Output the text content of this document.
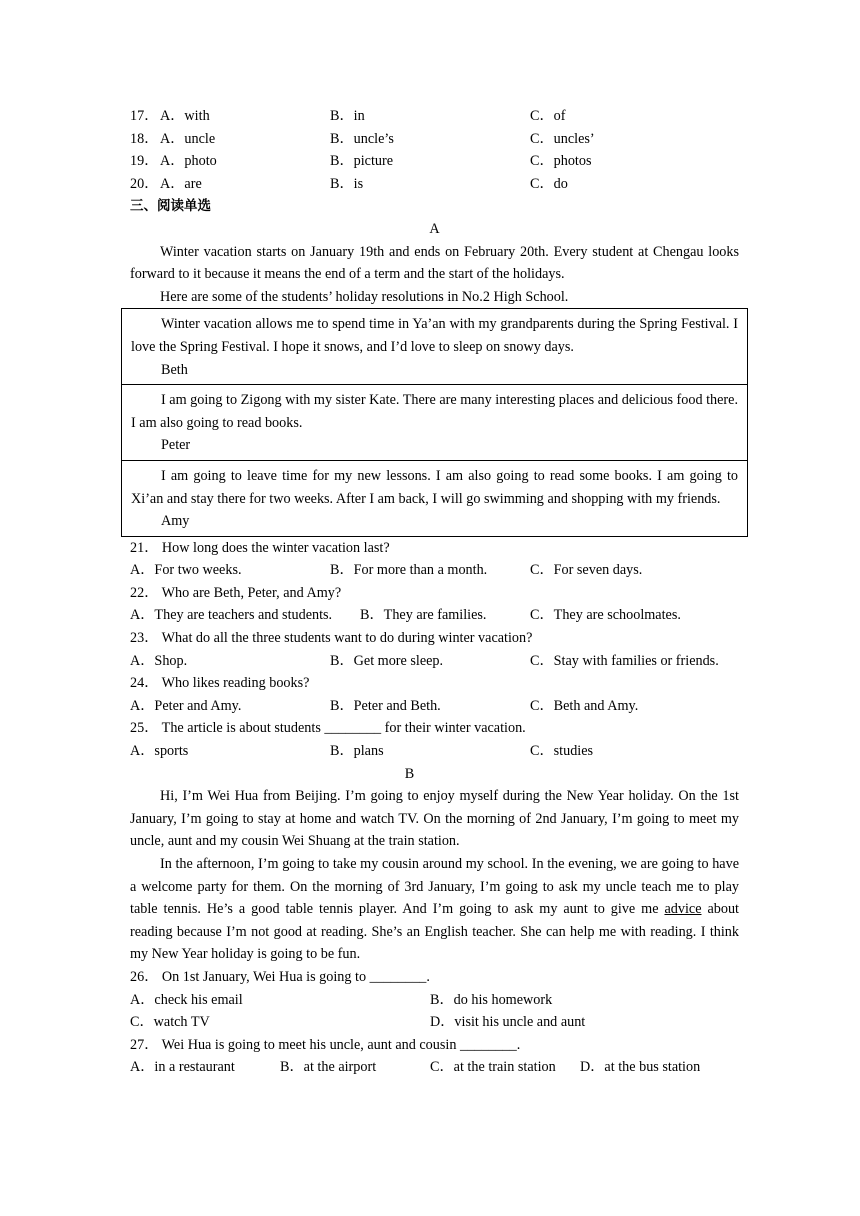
17． A．with	B．in	C．of
18． A．uncle	B．uncle’s	C．uncles’
19． A．photo	B．picture	C．photos
20． A．are	B．is	C．do
三、阅读单选
A

Winter vacation starts on January 19th and ends on February 20th. Every student at Chengau looks forward to it because it means the end of a term and the start of the holidays.

Here are some of the students’ holiday resolutions in No.2 High School.

Winter vacation allows me to spend time in Ya’an with my grandparents during the Spring Festival. I love the Spring Festival. I hope it snows, and I’d love to sleep on snowy days.

Beth

I am going to Zigong with my sister Kate. There are many interesting places and delicious food there. I am also going to read books.

Peter

I am going to leave time for my new lessons. I am also going to read some books. I am going to Xi’an and stay there for two weeks. After I am back, I will go swimming and shopping with my friends.

Amy
21． How long does the winter vacation last?
A．For two weeks.	B．For more than a month.	C．For seven days.
22． Who are Beth, Peter, and Amy?
A．They are teachers and students. B．They are families.	C．They are schoolmates.
23． What do all the three students want to do during winter vacation?
A．Shop.	B．Get more sleep.	C．Stay with families or friends.
24． Who likes reading books?
A．Peter and Amy.	B．Peter and Beth.	C．Beth and Amy.
25． The article is about students ________ for their winter vacation.
A．sports	B．plans	C．studies
B

Hi, I’m Wei Hua from Beijing. I’m going to enjoy myself during the New Year holiday. On the 1st January, I’m going to stay at home and watch TV. On the morning of 2nd January, I’m going to meet my uncle, aunt and my cousin Wei Shuang at the train station.

In the afternoon, I’m going to take my cousin around my school. In the evening, we are going to have a welcome party for them. On the morning of 3rd January, I’m going to ask my uncle teach me to play table tennis. He’s a good table tennis player. And I’m going to ask my aunt to give me advice about reading because I’m not good at reading. She’s an English teacher. She can help me with reading. I think my New Year holiday is going to be fun.

26． On 1st January, Wei Hua is going to ________.
A．check his email	B．do his homework
C．watch TV	D．visit his uncle and aunt
27． Wei Hua is going to meet his uncle, aunt and cousin ________.
A．in a restaurant	B．at the airport	C．at the train station D．at the bus station
